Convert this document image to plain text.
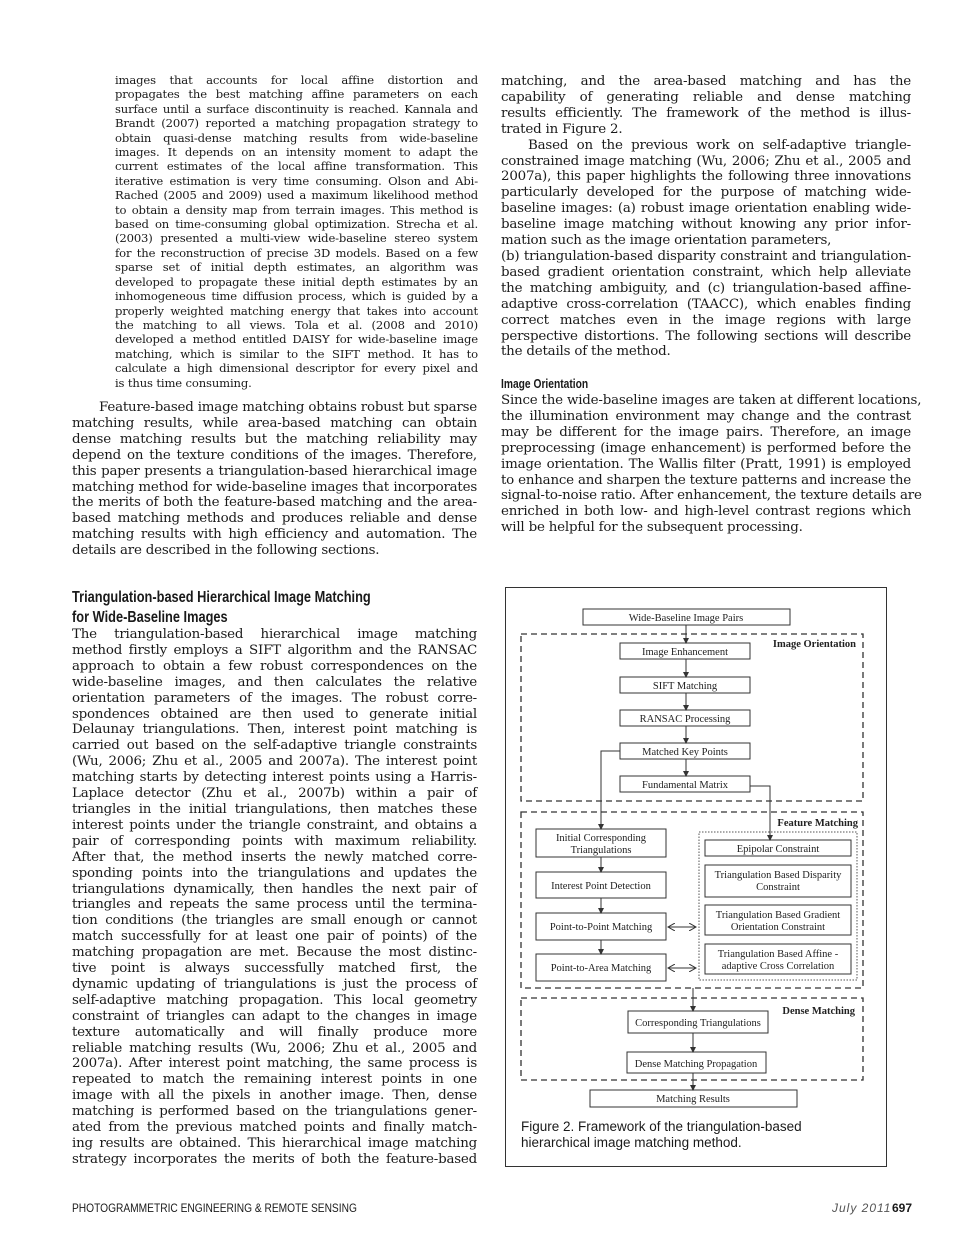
images that accounts for local affine distortion and
propagates the best matching affine parameters on each
surface until a surface discontinuity is reached. Kannala and
Brandt (2007) reported a matching propagation strategy to
obtain quasi-dense matching results from wide-baseline
images. It depends on an intensity moment to adapt the
current estimates of the local affine transformation. This
iterative estimation is very time consuming. Olson and Abi-
Rached (2005 and 2009) used a maximum likelihood method
to obtain a density map from terrain images. This method is
based on time-consuming global optimization. Strecha et al.
(2003) presented a multi-view wide-baseline stereo system
for the reconstruction of precise 3D models. Based on a few
sparse set of initial depth estimates, an algorithm was
developed to propagate these initial depth estimates by an
inhomogeneous time diffusion process, which is guided by a
properly weighted matching energy that takes into account
the matching to all views. Tola et al. (2008 and 2010)
developed a method entitled DAISY for wide-baseline image
matching, which is similar to the SIFT method. It has to
calculate a high dimensional descriptor for every pixel and
is thus time consuming.
Feature-based image matching obtains robust but sparse
matching results, while area-based matching can obtain
dense matching results but the matching reliability may
depend on the texture conditions of the images. Therefore,
this paper presents a triangulation-based hierarchical image
matching method for wide-baseline images that incorporates
the merits of both the feature-based matching and the area-
based matching methods and produces reliable and dense
matching results with high efficiency and automation. The
details are described in the following sections.
Triangulation-based Hierarchical Image Matching
for Wide-Baseline Images
The triangulation-based hierarchical image matching
method firstly employs a SIFT algorithm and the RANSAC
approach to obtain a few robust correspondences on the
wide-baseline images, and then calculates the relative
orientation parameters of the images. The robust corre-
spondences obtained are then used to generate initial
Delaunay triangulations. Then, interest point matching is
carried out based on the self-adaptive triangle constraints
(Wu, 2006; Zhu et al., 2005 and 2007a). The interest point
matching starts by detecting interest points using a Harris-
Laplace detector (Zhu et al., 2007b) within a pair of
triangles in the initial triangulations, then matches these
interest points under the triangle constraint, and obtains a
pair of corresponding points with maximum reliability.
After that, the method inserts the newly matched corre-
sponding points into the triangulations and updates the
triangulations dynamically, then handles the next pair of
triangles and repeats the same process until the termina-
tion conditions (the triangles are small enough or cannot
match successfully for at least one pair of points) of the
matching propagation are met. Because the most distinc-
tive point is always successfully matched first, the
dynamic updating of triangulations is just the process of
self-adaptive matching propagation. This local geometry
constraint of triangles can adapt to the changes in image
texture automatically and will finally produce more
reliable matching results (Wu, 2006; Zhu et al., 2005 and
2007a). After interest point matching, the same process is
repeated to match the remaining interest points in one
image with all the pixels in another image. Then, dense
matching is performed based on the triangulations gener-
ated from the previous matched points and finally match-
ing results are obtained. This hierarchical image matching
strategy incorporates the merits of both the feature-based
matching, and the area-based matching and has the
capability of generating reliable and dense matching
results efficiently. The framework of the method is illus-
trated in Figure 2.
Based on the previous work on self-adaptive triangle-
constrained image matching (Wu, 2006; Zhu et al., 2005 and
2007a), this paper highlights the following three innovations
particularly developed for the purpose of matching wide-
baseline images: (a) robust image orientation enabling wide-
baseline image matching without knowing any prior infor-
mation such as the image orientation parameters,
(b) triangulation-based disparity constraint and triangulation-
based gradient orientation constraint, which help alleviate
the matching ambiguity, and (c) triangulation-based affine-
adaptive cross-correlation (TAACC), which enables finding
correct matches even in the image regions with large
perspective distortions. The following sections will describe
the details of the method.
Image Orientation
Since the wide-baseline images are taken at different locations,
the illumination environment may change and the contrast
may be different for the image pairs. Therefore, an image
preprocessing (image enhancement) is performed before the
image orientation. The Wallis filter (Pratt, 1991) is employed
to enhance and sharpen the texture patterns and increase the
signal-to-noise ratio. After enhancement, the texture details are
enriched in both low- and high-level contrast regions which
will be helpful for the subsequent processing.
Image Orientation
Feature Matching
Dense Matching
Wide-Baseline Image Pairs
Image Enhancement
SIFT Matching
RANSAC Processing
Matched Key Points
Fundamental Matrix
Initial Corresponding
Triangulations
Interest Point Detection
Point-to-Point Matching
Point-to-Area Matching
Epipolar Constraint
Triangulation Based Disparity
Constraint
Triangulation Based Gradient
Orientation Constraint
Triangulation Based Affine -
adaptive Cross Correlation
Corresponding Triangulations
Dense Matching Propagation
Matching Results
Figure 2. Framework of the triangulation-based
hierarchical image matching method.
PHOTOGRAMMETRIC ENGINEERING & REMOTE SENSING	July 2011 697
